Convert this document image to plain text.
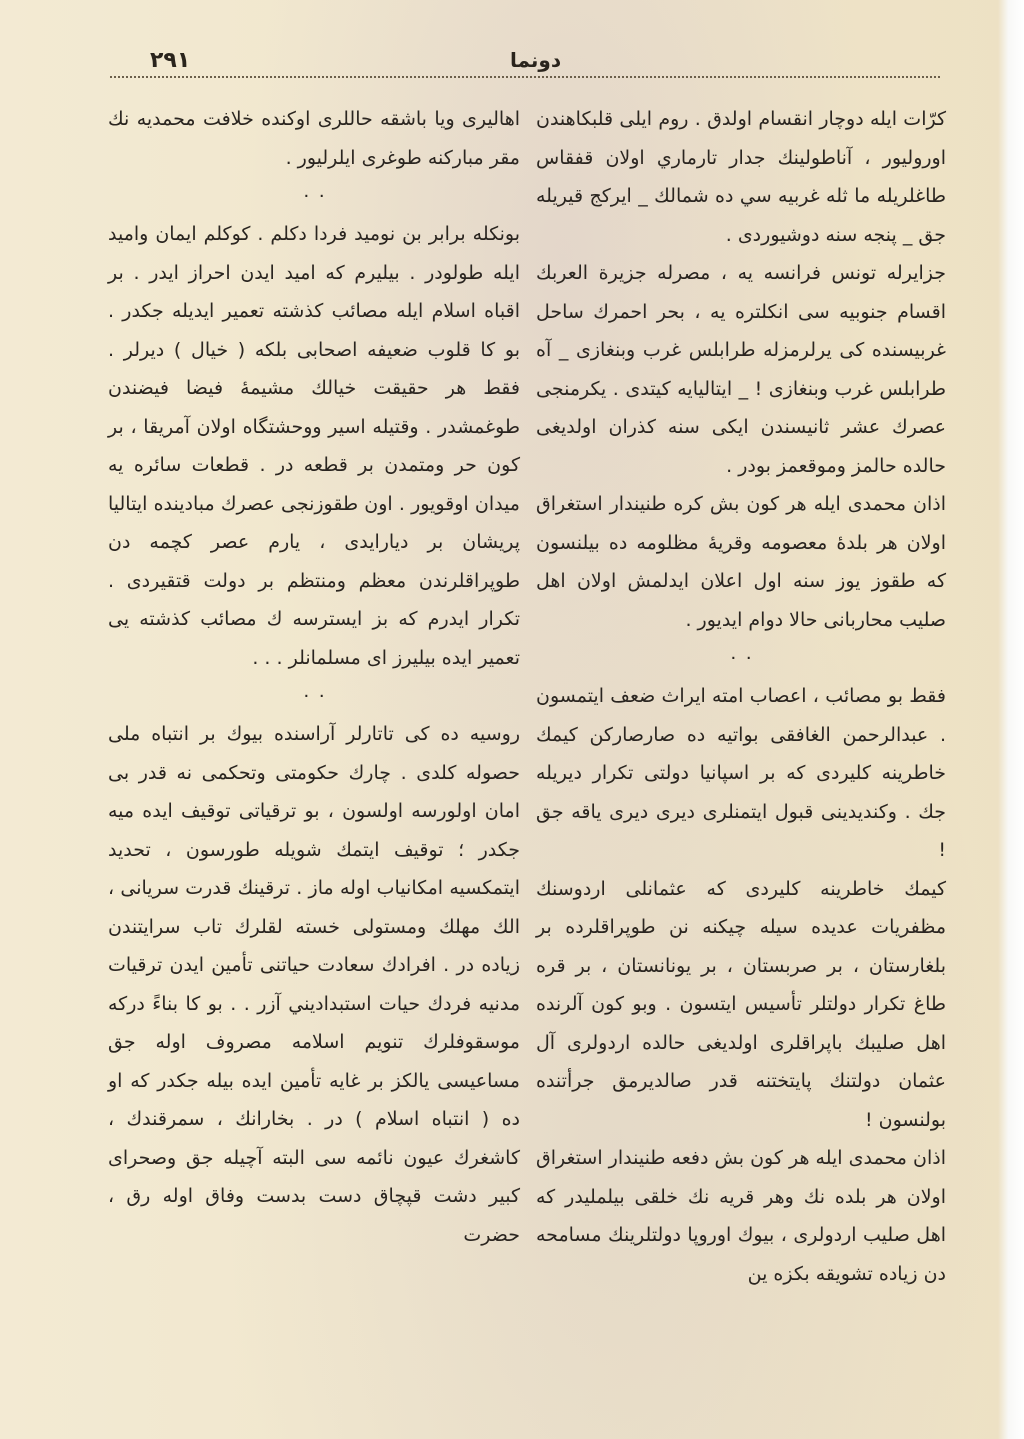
۲۹۱	دونما

كرّات ايله دوچار انقسام اولدق . روم ايلى قلبكاهندن اوروليور ، آناطولينك جدار تارماري اولان قفقاس طاغلريله ما ثله غربيه سي ده شمالك _ ايركج قيريله جق _ پنجه سنه دوشيوردى .

جزايرله تونس فرانسه يه ، مصرله جزيرة العربك اقسام جنوبيه سى انكلتره يه ، بحر احمرك ساحل غربيسنده كى يرلرمزله طرابلس غرب وبنغازى _ آه طرابلس غرب وبنغازى ! _ ايتاليايه كيتدى . يكرمنجى عصرك عشر ثانيسندن ايكى سنه كذران اولديغى حالده حالمز وموقعمز بودر .

اذان محمدى ايله هر كون بش كره طنيندار استغراق اولان هر بلدهٔ معصومه وقريهٔ مظلومه ده بيلنسون كه طقوز يوز سنه اول اعلان ايدلمش اولان اهل صليب محاربانى حالا دوام ايديور .

٠ ٠

فقط بو مصائب ، اعصاب امته ايراث ضعف ايتمسون . عبدالرحمن الغافقى بواتيه ده صارصاركن كيمك خاطرينه كليردى كه بر اسپانيا دولتى تكرار ديريله جك . وكنديدينى قبول ايتمنلرى ديرى ديرى ياقه جق !

كيمك خاطرينه كليردى كه عثمانلى اردوسنك مظفريات عديده سيله چيكنه نن طوپراقلرده بر بلغارستان ، بر صربستان ، بر يونانستان ، بر قره طاغ تكرار دولتلر تأسيس ايتسون . وبو كون آلرنده اهل صليبك باپراقلرى اولديغى حالده اردولرى آل عثمان دولتنك پايتختنه قدر صالديرمق جرأتنده بولنسون !

اذان محمدى ايله هر كون بش دفعه طنيندار استغراق اولان هر بلده نك وهر قريه نك خلقى بيلمليدر كه اهل صليب اردولرى ، بيوك اوروپا دولتلرينك مسامحه دن زياده تشويقه بكزه ين

اهاليرى ويا باشقه حاللرى اوكنده خلافت محمديه نك مقر مباركنه طوغرى ايلرليور .

٠ ٠

بونكله برابر بن نوميد فردا دكلم . كوكلم ايمان واميد ايله طولودر . بيليرم كه اميد ايدن احراز ايدر . بر اقباه اسلام ايله مصائب كذشته تعمير ايديله جكدر . بو كا قلوب ضعيفه اصحابى بلكه ( خيال ) ديرلر . فقط هر حقيقت خيالك مشيمهٔ فيضا فيضندن طوغمشدر . وقتيله اسير ووحشتگاه اولان آمريقا ، بر كون حر ومتمدن بر قطعه در . قطعات سائره يه ميدان اوقويور . اون طقوزنجى عصرك مبادينده ايتاليا پريشان بر ديارايدى ، يارم عصر كچمه دن طوپراقلرندن معظم ومنتظم بر دولت قتقيردى . تكرار ايدرم كه بز ايسترسه ك مصائب كذشته يى تعمير ايده بيليرز اى مسلمانلر . . .

٠ ٠

روسيه ده كى تاتارلر آراسنده بيوك بر انتباه ملى حصوله كلدى . چارك حكومتى وتحكمى نه قدر بى امان اولورسه اولسون ، بو ترقياتى توقيف ايده ميه جكدر ؛ توقيف ايتمك شويله طورسون ، تحديد ايتمكسيه امكانياب اوله ماز . ترقينك قدرت سريانى ، الك مهلك ومستولى خسته لقلرك تاب سرايتندن زياده در . افرادك سعادت حياتنى تأمين ايدن ترقيات مدنيه فردك حيات استبداديني آزر . . بو كا بناءً دركه موسقوفلرك تنويم اسلامه مصروف اوله جق مساعيسى يالكز بر غايه تأمين ايده بيله جكدر كه او ده ( انتباه اسلام ) در . بخارانك ، سمرقندك ، كاشغرك عيون نائمه سى البته آچيله جق وصحراى كبير دشت قپچاق دست بدست وفاق اوله رق ، حضرت
